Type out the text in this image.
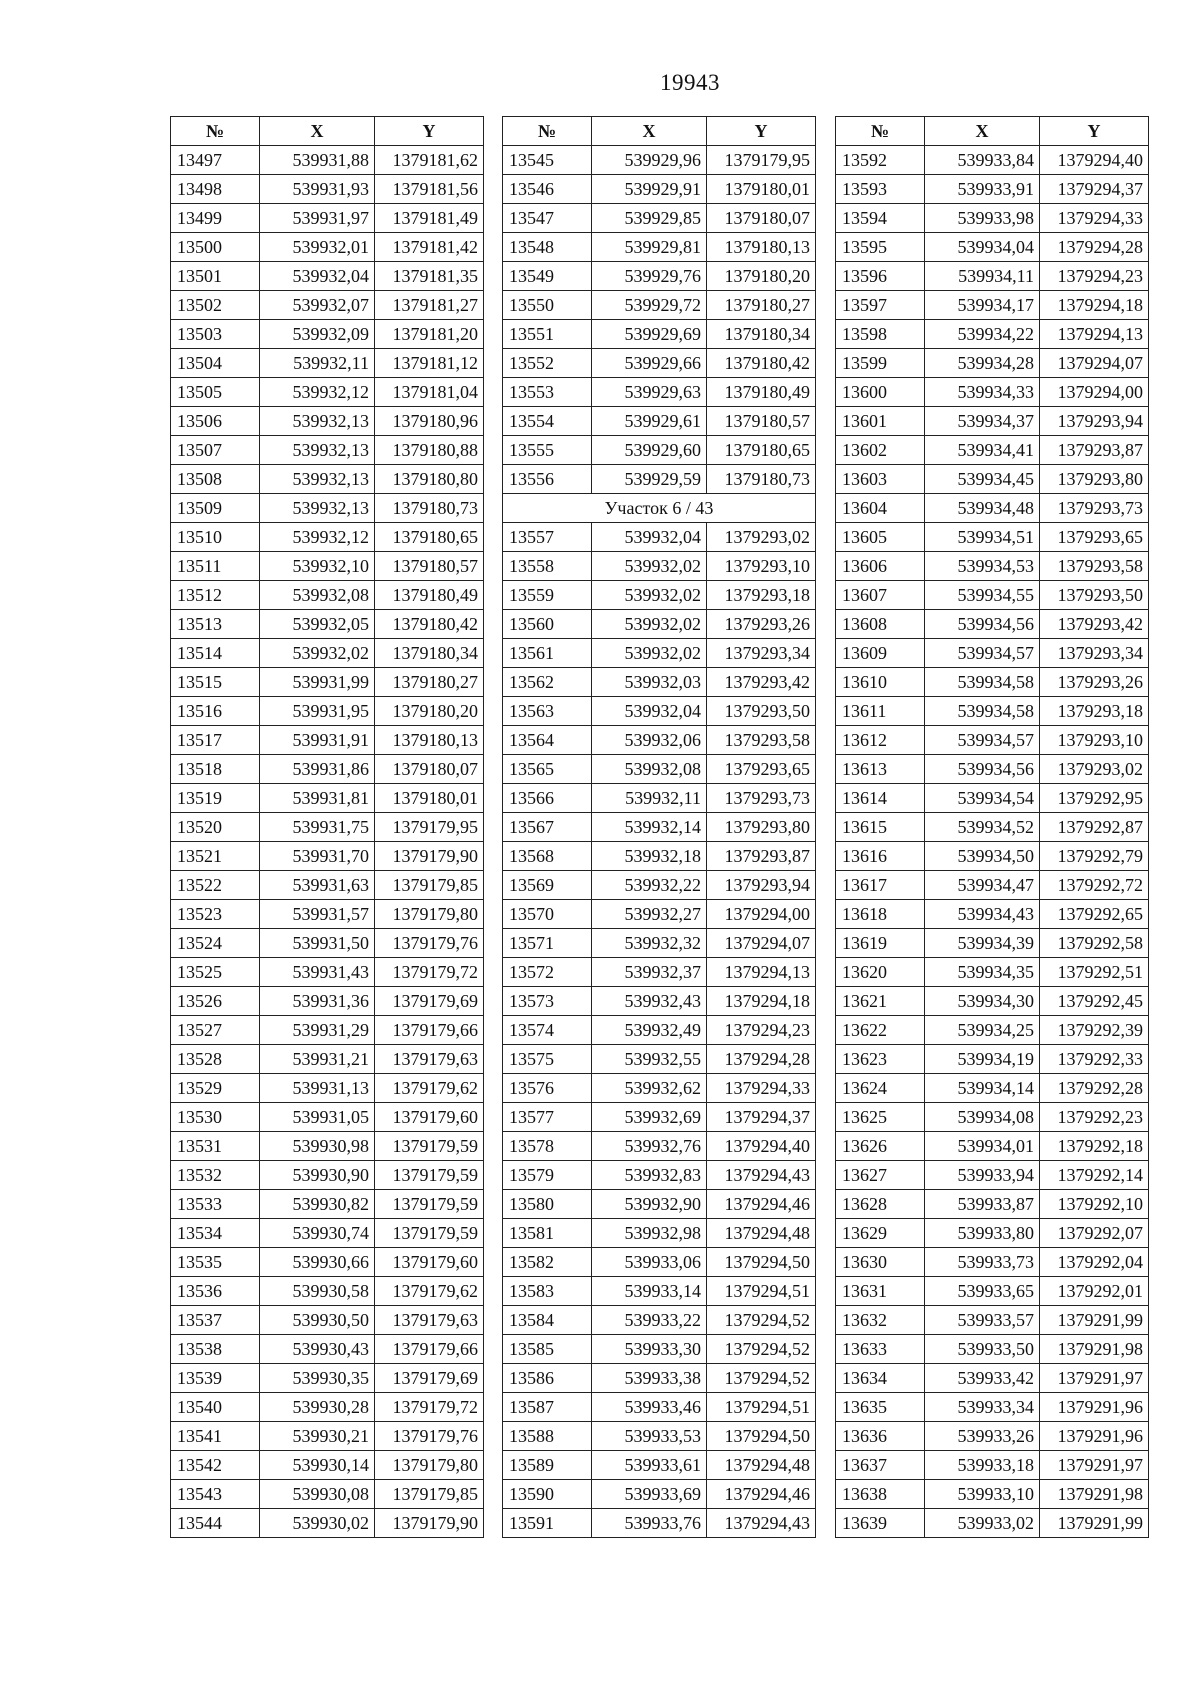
19943
№	X	Y
13497	539931,88	1379181,62
13498	539931,93	1379181,56
13499	539931,97	1379181,49
13500	539932,01	1379181,42
13501	539932,04	1379181,35
13502	539932,07	1379181,27
13503	539932,09	1379181,20
13504	539932,11	1379181,12
13505	539932,12	1379181,04
13506	539932,13	1379180,96
13507	539932,13	1379180,88
13508	539932,13	1379180,80
13509	539932,13	1379180,73
13510	539932,12	1379180,65
13511	539932,10	1379180,57
13512	539932,08	1379180,49
13513	539932,05	1379180,42
13514	539932,02	1379180,34
13515	539931,99	1379180,27
13516	539931,95	1379180,20
13517	539931,91	1379180,13
13518	539931,86	1379180,07
13519	539931,81	1379180,01
13520	539931,75	1379179,95
13521	539931,70	1379179,90
13522	539931,63	1379179,85
13523	539931,57	1379179,80
13524	539931,50	1379179,76
13525	539931,43	1379179,72
13526	539931,36	1379179,69
13527	539931,29	1379179,66
13528	539931,21	1379179,63
13529	539931,13	1379179,62
13530	539931,05	1379179,60
13531	539930,98	1379179,59
13532	539930,90	1379179,59
13533	539930,82	1379179,59
13534	539930,74	1379179,59
13535	539930,66	1379179,60
13536	539930,58	1379179,62
13537	539930,50	1379179,63
13538	539930,43	1379179,66
13539	539930,35	1379179,69
13540	539930,28	1379179,72
13541	539930,21	1379179,76
13542	539930,14	1379179,80
13543	539930,08	1379179,85
13544	539930,02	1379179,90
№	X	Y
13545	539929,96	1379179,95
13546	539929,91	1379180,01
13547	539929,85	1379180,07
13548	539929,81	1379180,13
13549	539929,76	1379180,20
13550	539929,72	1379180,27
13551	539929,69	1379180,34
13552	539929,66	1379180,42
13553	539929,63	1379180,49
13554	539929,61	1379180,57
13555	539929,60	1379180,65
13556	539929,59	1379180,73
Участок 6 / 43		
13557	539932,04	1379293,02
13558	539932,02	1379293,10
13559	539932,02	1379293,18
13560	539932,02	1379293,26
13561	539932,02	1379293,34
13562	539932,03	1379293,42
13563	539932,04	1379293,50
13564	539932,06	1379293,58
13565	539932,08	1379293,65
13566	539932,11	1379293,73
13567	539932,14	1379293,80
13568	539932,18	1379293,87
13569	539932,22	1379293,94
13570	539932,27	1379294,00
13571	539932,32	1379294,07
13572	539932,37	1379294,13
13573	539932,43	1379294,18
13574	539932,49	1379294,23
13575	539932,55	1379294,28
13576	539932,62	1379294,33
13577	539932,69	1379294,37
13578	539932,76	1379294,40
13579	539932,83	1379294,43
13580	539932,90	1379294,46
13581	539932,98	1379294,48
13582	539933,06	1379294,50
13583	539933,14	1379294,51
13584	539933,22	1379294,52
13585	539933,30	1379294,52
13586	539933,38	1379294,52
13587	539933,46	1379294,51
13588	539933,53	1379294,50
13589	539933,61	1379294,48
13590	539933,69	1379294,46
13591	539933,76	1379294,43
№	X	Y
13592	539933,84	1379294,40
13593	539933,91	1379294,37
13594	539933,98	1379294,33
13595	539934,04	1379294,28
13596	539934,11	1379294,23
13597	539934,17	1379294,18
13598	539934,22	1379294,13
13599	539934,28	1379294,07
13600	539934,33	1379294,00
13601	539934,37	1379293,94
13602	539934,41	1379293,87
13603	539934,45	1379293,80
13604	539934,48	1379293,73
13605	539934,51	1379293,65
13606	539934,53	1379293,58
13607	539934,55	1379293,50
13608	539934,56	1379293,42
13609	539934,57	1379293,34
13610	539934,58	1379293,26
13611	539934,58	1379293,18
13612	539934,57	1379293,10
13613	539934,56	1379293,02
13614	539934,54	1379292,95
13615	539934,52	1379292,87
13616	539934,50	1379292,79
13617	539934,47	1379292,72
13618	539934,43	1379292,65
13619	539934,39	1379292,58
13620	539934,35	1379292,51
13621	539934,30	1379292,45
13622	539934,25	1379292,39
13623	539934,19	1379292,33
13624	539934,14	1379292,28
13625	539934,08	1379292,23
13626	539934,01	1379292,18
13627	539933,94	1379292,14
13628	539933,87	1379292,10
13629	539933,80	1379292,07
13630	539933,73	1379292,04
13631	539933,65	1379292,01
13632	539933,57	1379291,99
13633	539933,50	1379291,98
13634	539933,42	1379291,97
13635	539933,34	1379291,96
13636	539933,26	1379291,96
13637	539933,18	1379291,97
13638	539933,10	1379291,98
13639	539933,02	1379291,99
